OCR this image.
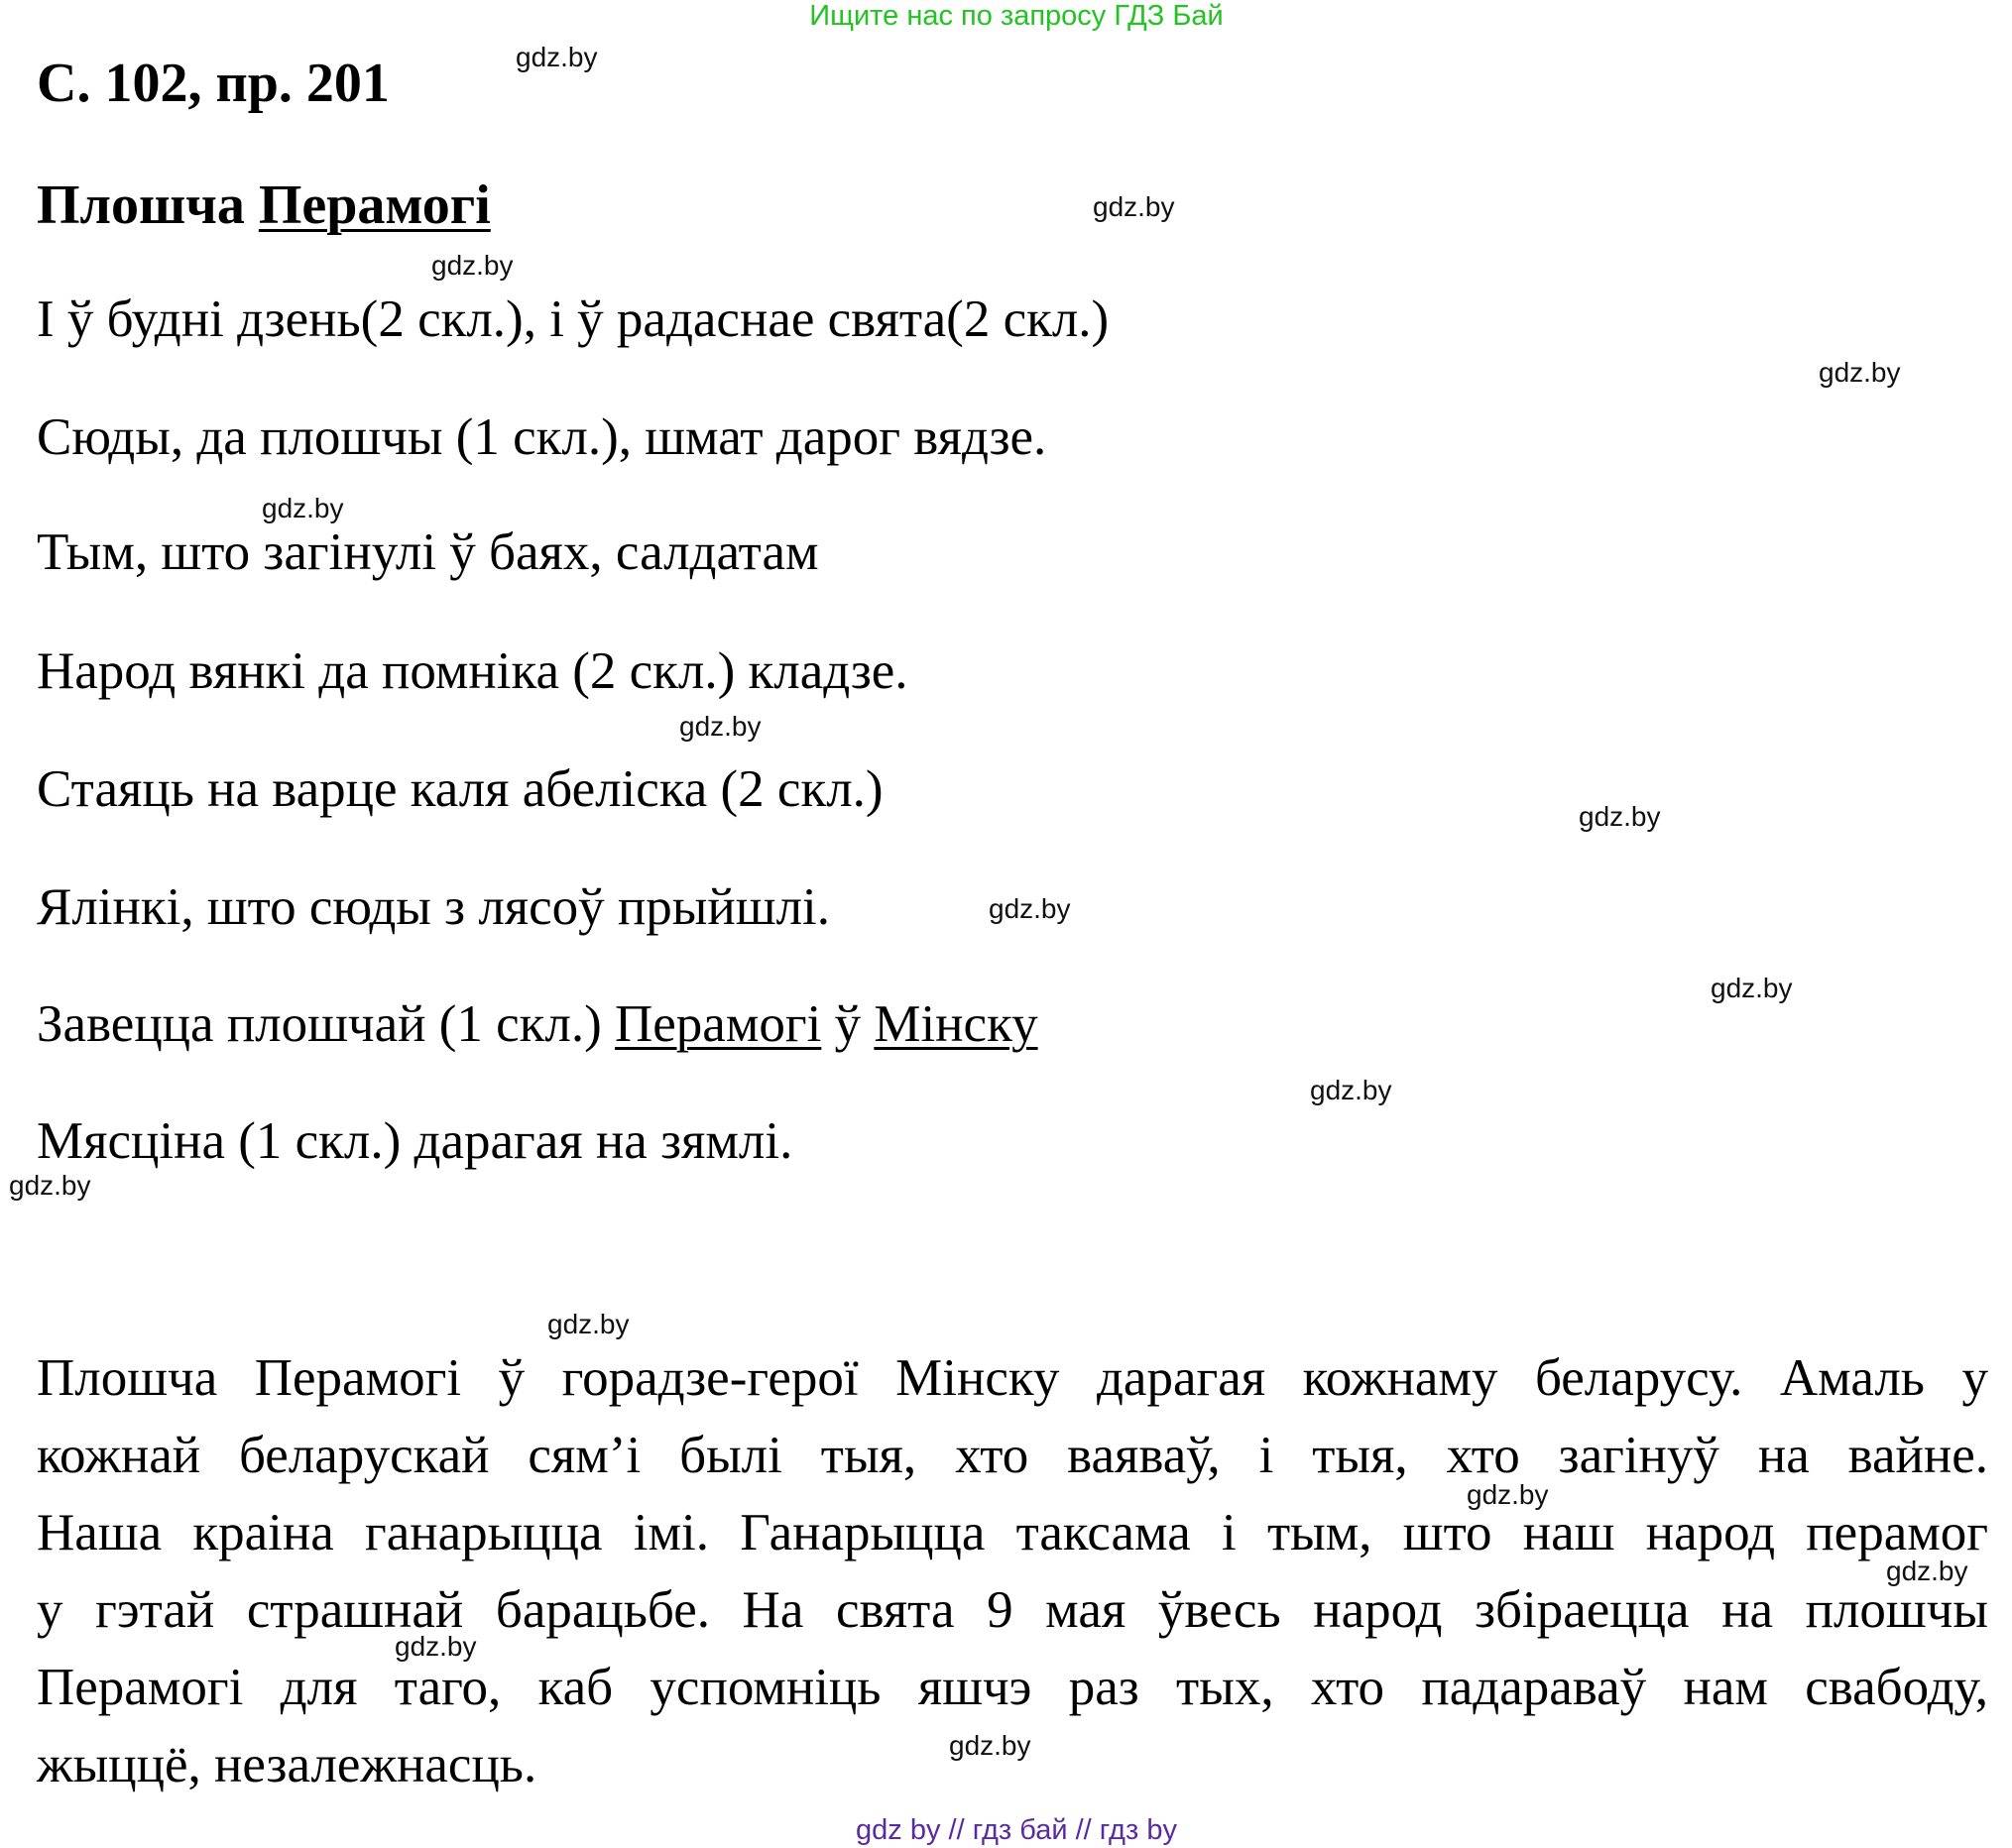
Ищите нас по запросу ГДЗ Бай
С. 102, пр. 201
Плошча Перамогі
І ў будні дзень(2 скл.), і ў радаснае свята(2 скл.)
Сюды, да плошчы (1 скл.), шмат дарог вядзе.
Тым, што загінулі ў баях, салдатам
Народ вянкі да помніка (2 скл.) кладзе.
Стаяць на варце каля абеліска (2 скл.)
Ялінкі, што сюды з лясоў прыйшлі.
Завецца плошчай (1 скл.) Перамогі ў Мінску
Мясціна (1 скл.) дарагая на зямлі.
Плошча Перамогі ў горадзе-герої Мінску дарагая кожнаму беларусу. Амаль у
кожнай беларускай сям’і былі тыя, хто ваяваў, і тыя, хто загінуў на вайне.
Наша краіна ганарыцца імі. Ганарыцца таксама і тым, што наш народ перамог
у гэтай страшнай барацьбе. На свята 9 мая ўвесь народ збіраецца на плошчы
Перамогі для таго, каб успомніць яшчэ раз тых, хто падараваў нам свабоду,
жыццё, незалежнасць.
gdz.by
gdz.by
gdz.by
gdz.by
gdz.by
gdz.by
gdz.by
gdz.by
gdz.by
gdz.by
gdz.by
gdz.by
gdz.by
gdz.by
gdz.by
gdz.by
gdz by // гдз бай // гдз by
